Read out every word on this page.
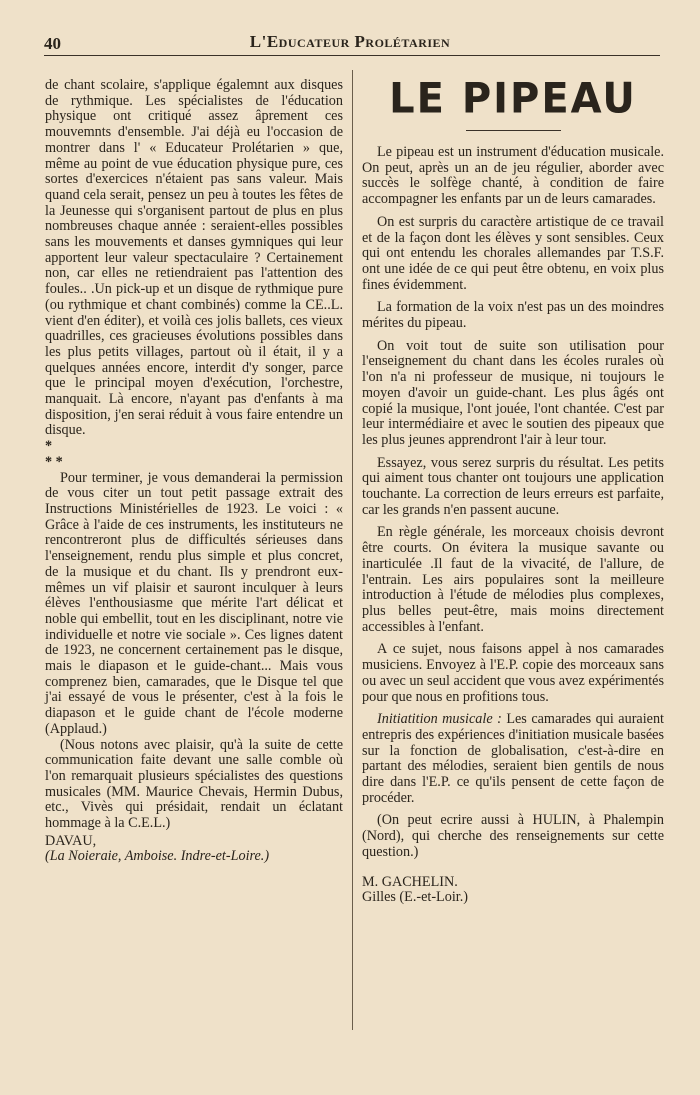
40	L'Educateur Prolétarien

de chant scolaire, s'applique égalemnt aux disques de rythmique. Les spécialistes de l'éducation physique ont critiqué assez âprement ces mouvemnts d'ensemble. J'ai déjà eu l'occasion de montrer dans l' « Educateur Prolétarien » que, même au point de vue éducation physique pure, ces sortes d'exercices n'étaient pas sans valeur. Mais quand cela serait, pensez un peu à toutes les fêtes de la Jeunesse qui s'organisent partout de plus en plus nombreuses chaque année : seraient-elles possibles sans les mouvements et danses gymniques qui leur apportent leur valeur spectaculaire ? Certainement non, car elles ne retiendraient pas l'attention des foules.. .Un pick-up et un disque de rythmique pure (ou rythmique et chant combinés) comme la CE..L. vient d'en éditer), et voilà ces jolis ballets, ces vieux quadrilles, ces gracieuses évolutions possibles dans les plus petits villages, partout où il était, il y a quelques années encore, interdit d'y songer, parce que le principal moyen d'exécution, l'orchestre, manquait. Là encore, n'ayant pas d'enfants à ma disposition, j'en serai réduit à vous faire entendre un disque.

*
* *

Pour terminer, je vous demanderai la permission de vous citer un tout petit passage extrait des Instructions Ministérielles de 1923. Le voici : « Grâce à l'aide de ces instruments, les instituteurs ne rencontreront plus de difficultés sérieuses dans l'enseignement, rendu plus simple et plus concret, de la musique et du chant. Ils y prendront eux-mêmes un vif plaisir et sauront inculquer à leurs élèves l'enthousiasme que mérite l'art délicat et noble qui embellit, tout en les disciplinant, notre vie individuelle et notre vie sociale ». Ces lignes datent de 1923, ne concernent certainement pas le disque, mais le diapason et le guide-chant... Mais vous comprenez bien, camarades, que le Disque tel que j'ai essayé de vous le présenter, c'est à la fois le diapason et le guide chant de l'école moderne (Applaud.)

(Nous notons avec plaisir, qu'à la suite de cette communication faite devant une salle comble où l'on remarquait plusieurs spécialistes des questions musicales (MM. Maurice Chevais, Hermin Dubus, etc., Vivès qui présidait, rendait un éclatant hommage à la C.E.L.)

DAVAU,

(La Noieraie, Amboise. Indre-et-Loire.)

LE PIPEAU

Le pipeau est un instrument d'éducation musicale. On peut, après un an de jeu régulier, aborder avec succès le solfège chanté, à condition de faire accompagner les enfants par un de leurs camarades.

On est surpris du caractère artistique de ce travail et de la façon dont les élèves y sont sensibles. Ceux qui ont entendu les chorales allemandes par T.S.F. ont une idée de ce qui peut être obtenu, en voix plus fines évidemment.

La formation de la voix n'est pas un des moindres mérites du pipeau.

On voit tout de suite son utilisation pour l'enseignement du chant dans les écoles rurales où l'on n'a ni professeur de musique, ni toujours le moyen d'avoir un guide-chant. Les plus âgés ont copié la musique, l'ont jouée, l'ont chantée. C'est par leur intermédiaire et avec le soutien des pipeaux que les plus jeunes apprendront l'air à leur tour.

Essayez, vous serez surpris du résultat. Les petits qui aiment tous chanter ont toujours une application touchante. La correction de leurs erreurs est parfaite, car les grands n'en passent aucune.

En règle générale, les morceaux choisis devront être courts. On évitera la musique savante ou inarticulée .Il faut de la vivacité, de l'allure, de l'entrain. Les airs populaires sont la meilleure introduction à l'étude de mélodies plus complexes, plus belles peut-être, mais moins directement accessibles à l'enfant.

A ce sujet, nous faisons appel à nos camarades musiciens. Envoyez à l'E.P. copie des morceaux sans ou avec un seul accident que vous avez expérimentés pour que nous en profitions tous.

Initiatition musicale : Les camarades qui auraient entrepris des expériences d'initiation musicale basées sur la fonction de globalisation, c'est-à-dire en partant des mélodies, seraient bien gentils de nous dire dans l'E.P. ce qu'ils pensent de cette façon de procéder.

(On peut ecrire aussi à HULIN, à Phalempin (Nord), qui cherche des renseignements sur cette question.)

M. GACHELIN.

Gilles (E.-et-Loir.)
